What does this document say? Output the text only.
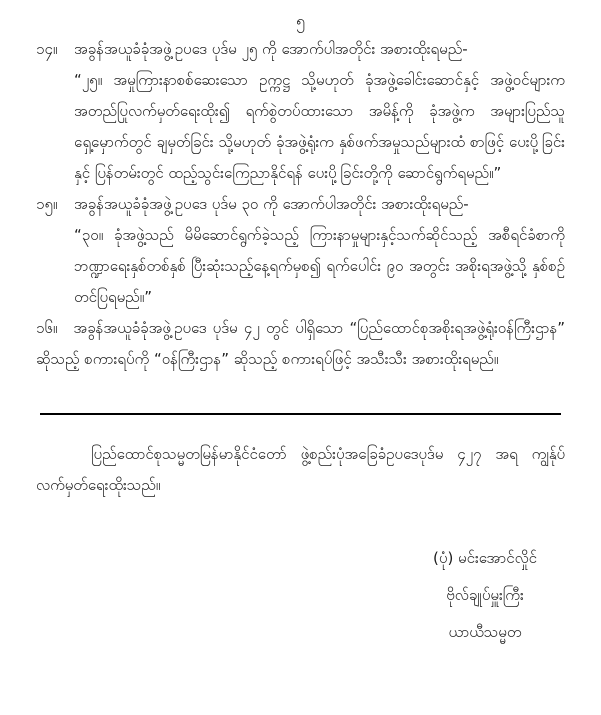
၅
၁၄။	အခွန်အယူခံခုံအဖွဲ့ဥပဒေ ပုဒ်မ ၂၅ ကို အောက်ပါအတိုင်း အစားထိုးရမည်-
“၂၅။ အမှုကြားနာစစ်ဆေးသော ဥက္ကဋ္ဌ သို့မဟုတ် ခုံအဖွဲ့ခေါင်းဆောင်နှင့် အဖွဲ့ဝင်များက အတည်ပြုလက်မှတ်ရေးထိုး၍ ရက်စွဲတပ်ထားသော အမိန့်ကို ခုံအဖွဲ့က အများပြည်သူ ရှေ့မှောက်တွင် ချမှတ်ခြင်း သို့မဟုတ် ခုံအဖွဲ့ရုံးက နှစ်ဖက်အမှုသည်များထံ စာဖြင့် ပေးပို့ခြင်းနှင့် ပြန်တမ်းတွင် ထည့်သွင်းကြေညာနိုင်ရန် ပေးပို့ခြင်းတို့ကို ဆောင်ရွက်ရမည်။”
၁၅။	အခွန်အယူခံခုံအဖွဲ့ဥပဒေ ပုဒ်မ ၃၀ ကို အောက်ပါအတိုင်း အစားထိုးရမည်-
“၃၀။ ခုံအဖွဲ့သည် မိမိဆောင်ရွက်ခဲ့သည့် ကြားနာမှုများနှင့်သက်ဆိုင်သည့် အစီရင်ခံစာကို ဘဏ္ဍာရေးနှစ်တစ်နှစ် ပြီးဆုံးသည့်နေ့ရက်မှစ၍ ရက်ပေါင်း ၉၀ အတွင်း အစိုးရအဖွဲ့သို့ နှစ်စဉ်တင်ပြရမည်။”
၁၆။ အခွန်အယူခံခုံအဖွဲ့ဥပဒေ ပုဒ်မ ၄၂ တွင် ပါရှိသော “ပြည်ထောင်စုအစိုးရအဖွဲ့ရုံးဝန်ကြီးဌာန” ဆိုသည့် စကားရပ်ကို “ဝန်ကြီးဌာန” ဆိုသည့် စကားရပ်ဖြင့် အသီးသီး အစားထိုးရမည်။
ပြည်ထောင်စုသမ္မတမြန်မာနိုင်ငံတော် ဖွဲ့စည်းပုံအခြေခံဥပဒေပုဒ်မ ၄၂၇ အရ ကျွန်ုပ်လက်မှတ်ရေးထိုးသည်။
(ပုံ) မင်းအောင်လှိုင်
ဗိုလ်ချုပ်မှူးကြီး
ယာယီသမ္မတ
